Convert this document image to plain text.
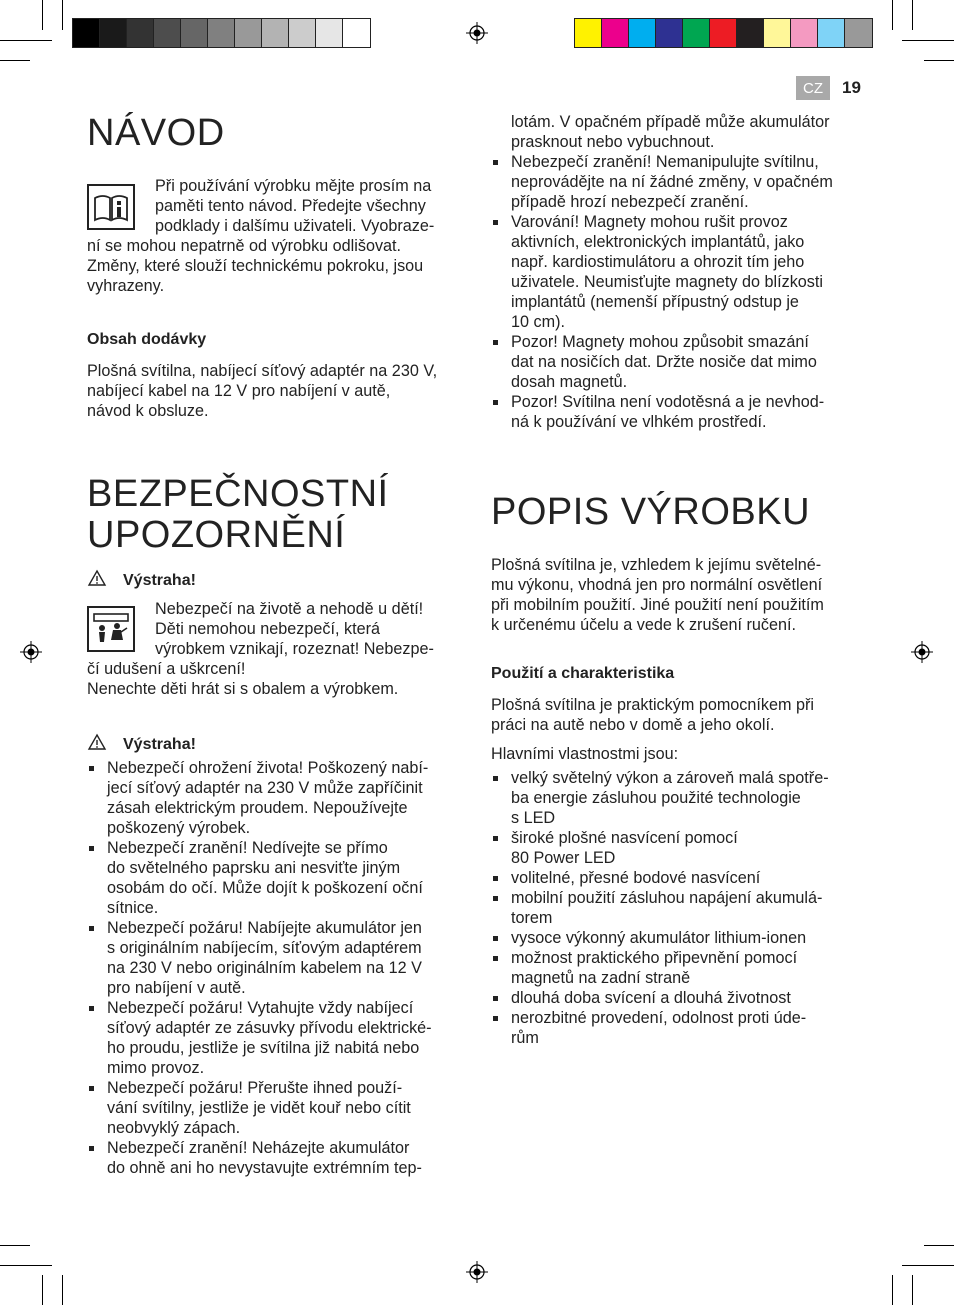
CZ	19
NÁVOD

Při používání výrobku mějte prosím na
paměti tento návod. Předejte všechny
podklady i dalšímu uživateli. Vyobraze-

ní se mohou nepatrně od výrobku odlišovat.
Změny, které slouží technickému pokroku, jsou
vyhrazeny.

Obsah dodávky

Plošná svítilna, nabíjecí síťový adaptér na 230 V,
nabíjecí kabel na 12 V pro nabíjení v autě,
návod k obsluze.

BEZPEČNOSTNÍ
UPOZORNĚNÍ
Výstraha!

Nebezpečí na životě a nehodě u dětí!
Děti nemohou nebezpečí, která
výrobkem vznikají, rozeznat! Nebezpe-

čí udušení a uškrcení!
Nenechte děti hrát si s obalem a výrobkem.

Výstraha!
Nebezpečí ohrožení života! Poškozený nabí-
jecí síťový adaptér na 230 V může zapříčinit
zásah elektrickým proudem. Nepoužívejte
poškozený výrobek.
Nebezpečí zranění! Nedívejte se přímo
do světelného paprsku ani nesviťte jiným
osobám do očí. Může dojít k poškození oční
sítnice.
Nebezpečí požáru! Nabíjejte akumulátor jen
s originálním nabíjecím, síťovým adaptérem
na 230 V nebo originálním kabelem na 12 V
pro nabíjení v autě.
Nebezpečí požáru! Vytahujte vždy nabíjecí
síťový adaptér ze zásuvky přívodu elektrické-
ho proudu, jestliže je svítilna již nabitá nebo
mimo provoz.
Nebezpečí požáru! Přerušte ihned použí-
vání svítilny, jestliže je vidět kouř nebo cítit
neobvyklý zápach.
Nebezpečí zranění! Neházejte akumulátor
do ohně ani ho nevystavujte extrémním tep-

lotám. V opačném případě může akumulátor
prasknout nebo vybuchnout.

Nebezpečí zranění! Nemanipulujte svítilnu,
neprovádějte na ní žádné změny, v opačném
případě hrozí nebezpečí zranění.
Varování! Magnety mohou rušit provoz
aktivních, elektronických implantátů, jako
např. kardiostimulátoru a ohrozit tím jeho
uživatele. Neumisťujte magnety do blízkosti
implantátů (nemenší přípustný odstup je
10 cm).
Pozor! Magnety mohou způsobit smazání
dat na nosičích dat. Držte nosiče dat mimo
dosah magnetů.
Pozor! Svítilna není vodotěsná a je nevhod-
ná k používání ve vlhkém prostředí.
POPIS VÝROBKU

Plošná svítilna je, vzhledem k jejímu světelné-
mu výkonu, vhodná jen pro normální osvětlení
při mobilním použití. Jiné použití není použitím
k určenému účelu a vede k zrušení ručení.

Použití a charakteristika

Plošná svítilna je praktickým pomocníkem při
práci na autě nebo v domě a jeho okolí.

Hlavními vlastnostmi jsou:

velký světelný výkon a zároveň malá spotře-
ba energie zásluhou použité technologie
s LED
široké plošné nasvícení pomocí
80 Power LED
volitelné, přesné bodové nasvícení
mobilní použití zásluhou napájení akumulá-
torem
vysoce výkonný akumulátor lithium-ionen
možnost praktického připevnění pomocí
magnetů na zadní straně
dlouhá doba svícení a dlouhá životnost
nerozbitné provedení, odolnost proti úde-
rům
